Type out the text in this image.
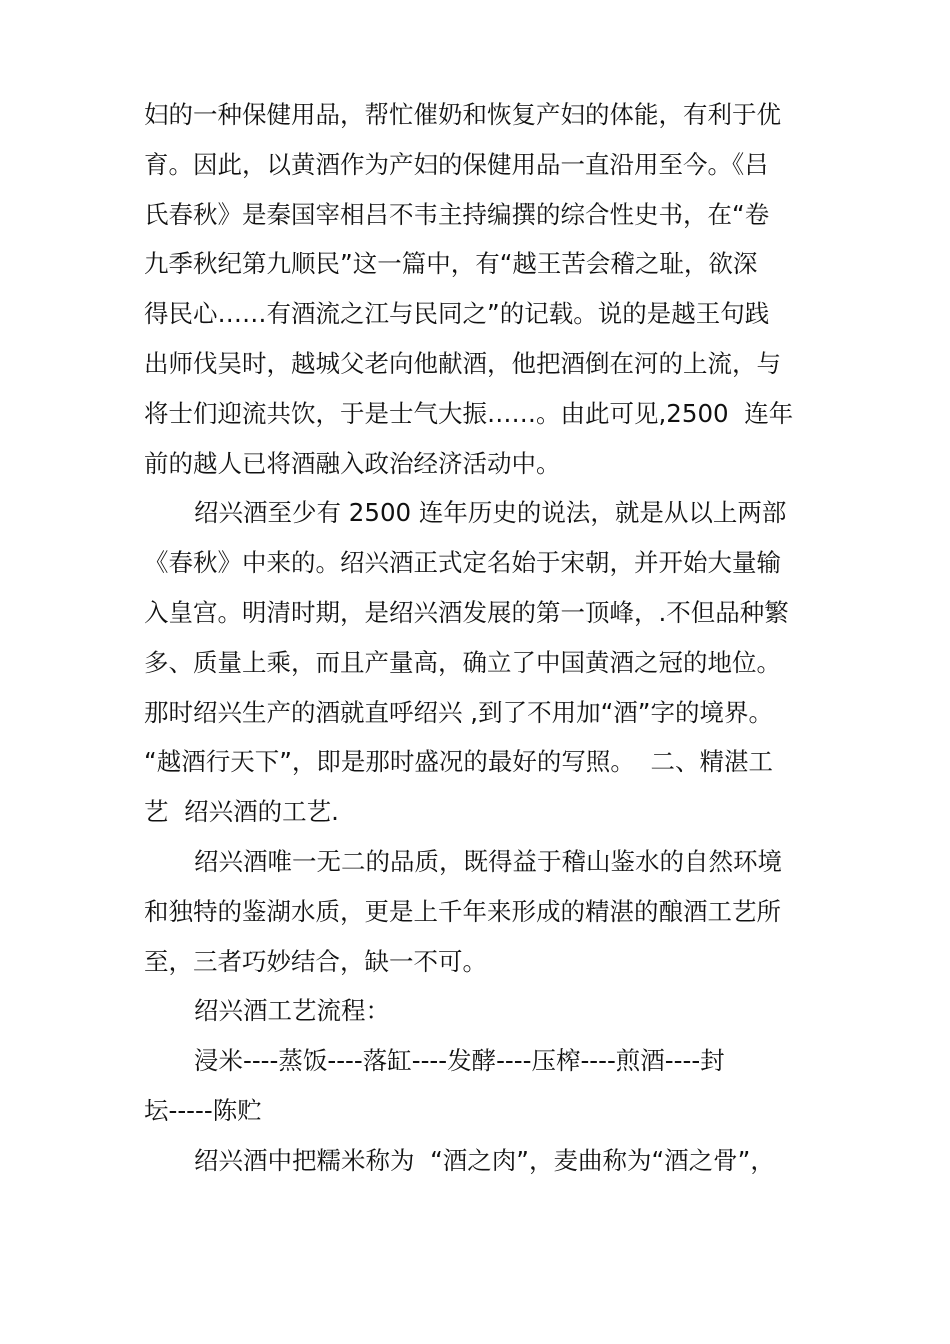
妇的一种保健用品，帮忙催奶和恢复产妇的体能，有利于优
育。因此，以黄酒作为产妇的保健用品一直沿用至今。《吕
氏春秋》是秦国宰相吕不韦主持编撰的综合性史书，在“卷
九季秋纪第九顺民”这一篇中，有“越王苦会稽之耻，欲深
得民心……有酒流之江与民同之”的记载。说的是越王句践
出师伐吴时，越城父老向他献酒，他把酒倒在河的上流，与
将士们迎流共饮，于是士气大振……。由此可见,2500  连年
前的越人已将酒融入政治经济活动中。
绍兴酒至少有 2500 连年历史的说法，就是从以上两部
《春秋》中来的。绍兴酒正式定名始于宋朝，并开始大量输
入皇宫。明清时期，是绍兴酒发展的第一顶峰，.不但品种繁
多、质量上乘，而且产量高，确立了中国黄酒之冠的地位。
那时绍兴生产的酒就直呼绍兴 ,到了不用加“酒”字的境界。
“越酒行天下”，即是那时盛况的最好的写照。  二、精湛工
艺  绍兴酒的工艺.
绍兴酒唯一无二的品质，既得益于稽山鉴水的自然环境
和独特的鉴湖水质，更是上千年来形成的精湛的酿酒工艺所
至，三者巧妙结合，缺一不可。
绍兴酒工艺流程：
浸米----蒸饭----落缸----发酵----压榨----煎酒----封
坛-----陈贮
绍兴酒中把糯米称为  “酒之肉”，麦曲称为“酒之骨”，
